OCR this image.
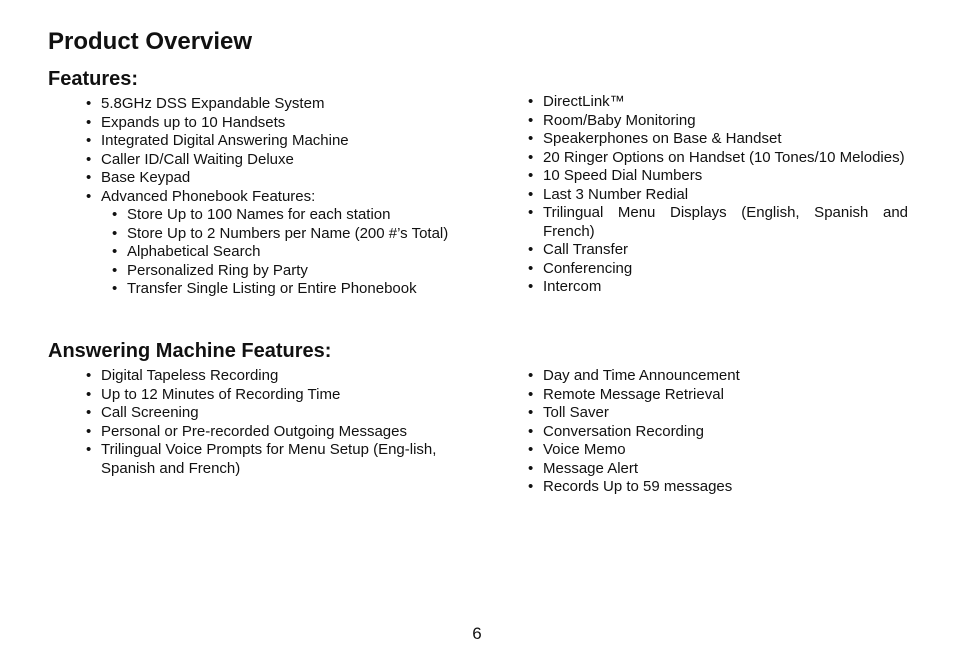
Product Overview
Features:
• 5.8GHz DSS Expandable System
• Expands up to 10 Handsets
• Integrated Digital Answering Machine
• Caller ID/Call Waiting Deluxe
• Base Keypad
• Advanced Phonebook Features:
• Store Up to 100 Names for each station
• Store Up to 2 Numbers per Name (200 #’s Total)
• Alphabetical Search
• Personalized Ring by Party
• Transfer Single Listing or Entire Phonebook
• DirectLink™
• Room/Baby Monitoring
• Speakerphones on Base & Handset
• 20 Ringer Options on Handset (10 Tones/10 Melodies)
• 10 Speed Dial Numbers
• Last 3 Number Redial
• Trilingual Menu Displays (English, Spanish and French)
• Call Transfer
• Conferencing
• Intercom
Answering Machine Features:
• Digital Tapeless Recording
• Up to 12 Minutes of Recording Time
• Call Screening
• Personal or Pre-recorded Outgoing Messages
• Trilingual Voice Prompts for Menu Setup (Eng-lish, Spanish and French)
• Day and Time Announcement
• Remote Message Retrieval
• Toll Saver
• Conversation Recording
• Voice Memo
• Message Alert
• Records Up to 59 messages
6
